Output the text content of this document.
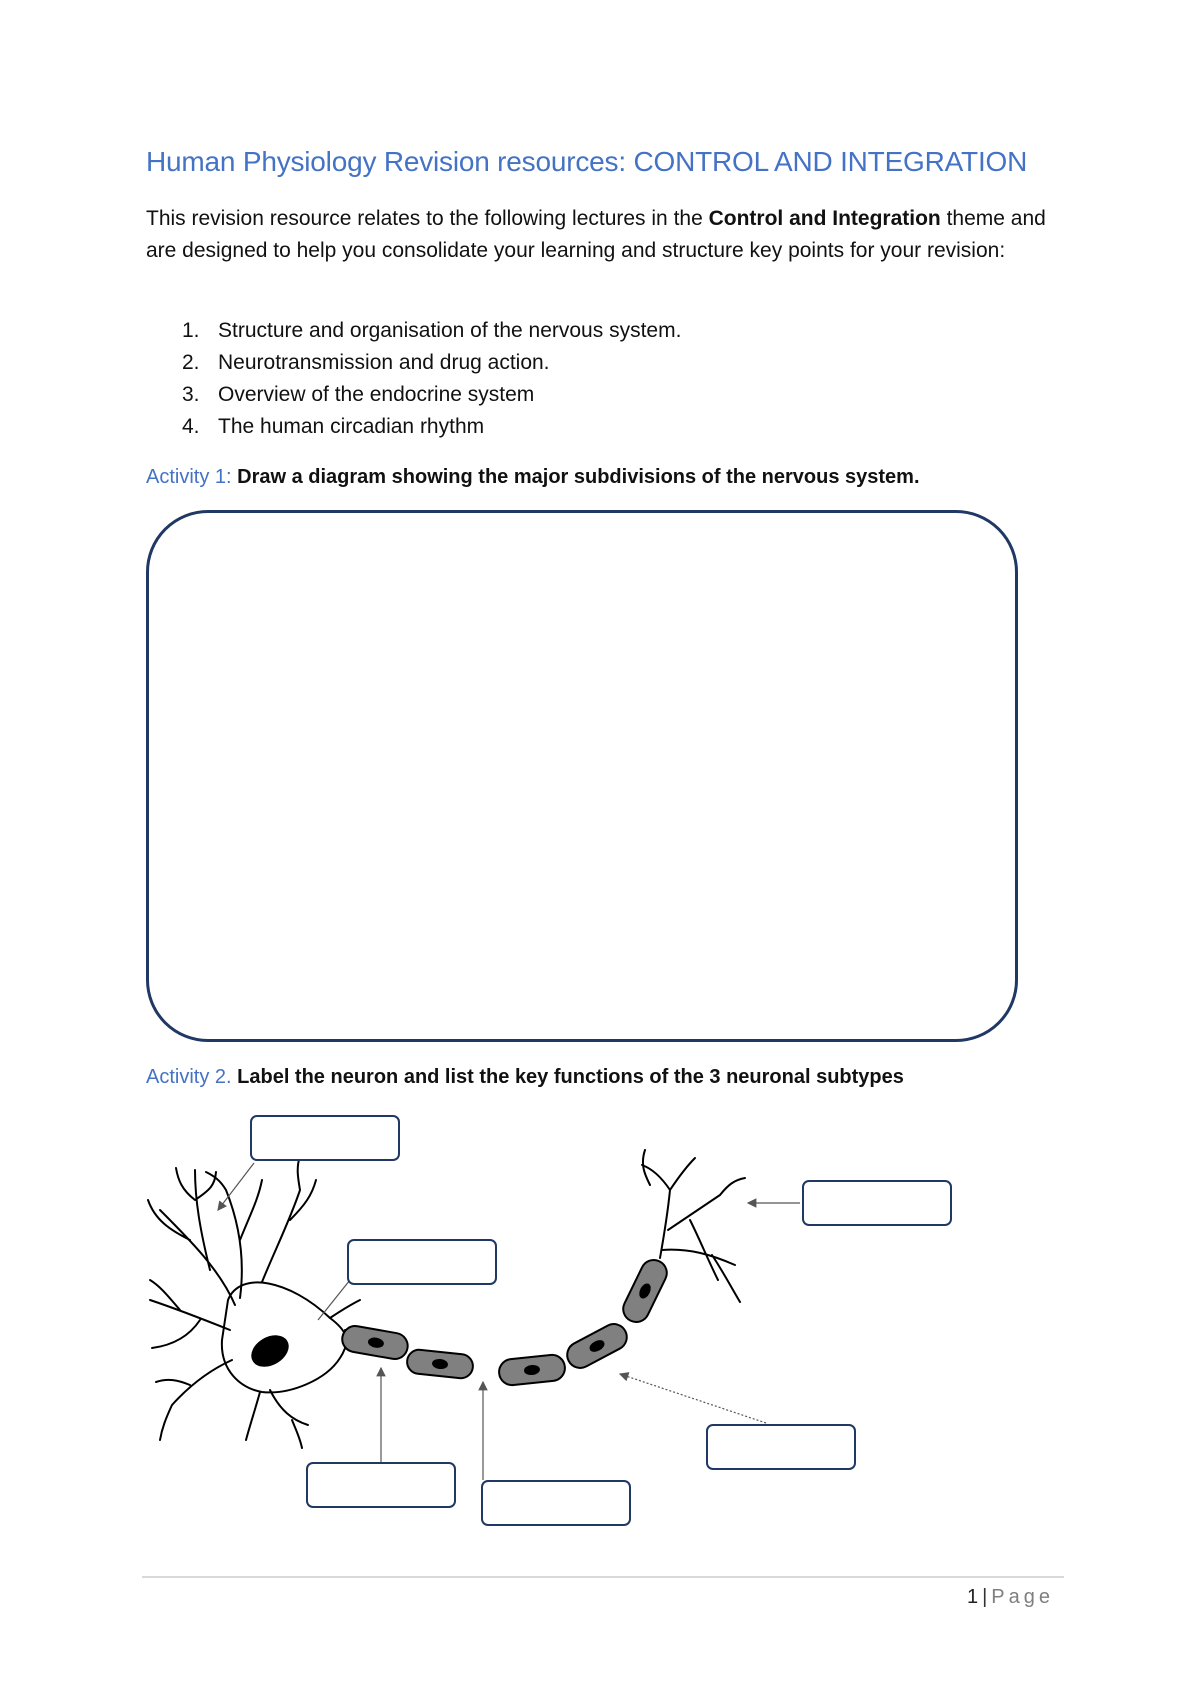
Human Physiology Revision resources: CONTROL AND INTEGRATION
This revision resource relates to the following lectures in the Control and Integration theme and are designed to help you consolidate your learning and structure key points for your revision:
1. Structure and organisation of the nervous system.
2. Neurotransmission and drug action.
3. Overview of the endocrine system
4. The human circadian rhythm
Activity 1: Draw a diagram showing the major subdivisions of the nervous system.
Activity 2. Label the neuron and list the key functions of the 3 neuronal subtypes
1 | Page
